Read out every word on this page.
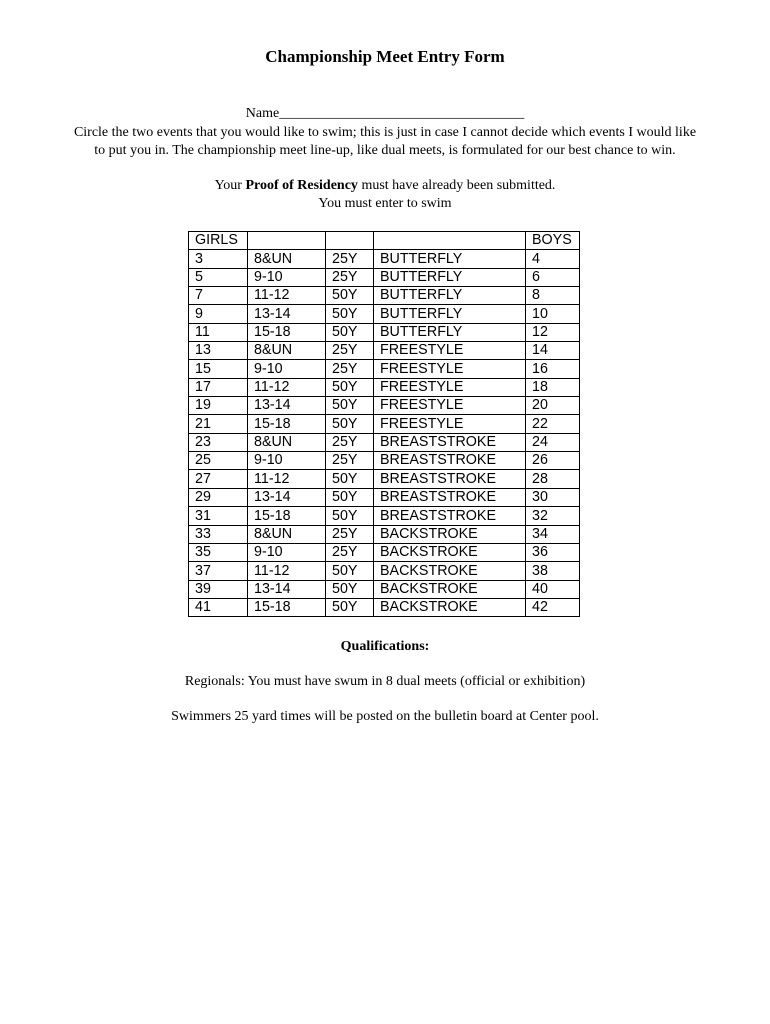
Championship Meet Entry Form
Name___________________________________
Circle the two events that you would like to swim; this is just in case I cannot decide which events I would like
to put you in. The championship meet line-up, like dual meets, is formulated for our best chance to win.
Your Proof of Residency must have already been submitted.
You must enter to swim
GIRLS				BOYS
3	8&UN	25Y	BUTTERFLY	4
5	9-10	25Y	BUTTERFLY	6
7	11-12	50Y	BUTTERFLY	8
9	13-14	50Y	BUTTERFLY	10
11	15-18	50Y	BUTTERFLY	12
13	8&UN	25Y	FREESTYLE	14
15	9-10	25Y	FREESTYLE	16
17	11-12	50Y	FREESTYLE	18
19	13-14	50Y	FREESTYLE	20
21	15-18	50Y	FREESTYLE	22
23	8&UN	25Y	BREASTSTROKE	24
25	9-10	25Y	BREASTSTROKE	26
27	11-12	50Y	BREASTSTROKE	28
29	13-14	50Y	BREASTSTROKE	30
31	15-18	50Y	BREASTSTROKE	32
33	8&UN	25Y	BACKSTROKE	34
35	9-10	25Y	BACKSTROKE	36
37	11-12	50Y	BACKSTROKE	38
39	13-14	50Y	BACKSTROKE	40
41	15-18	50Y	BACKSTROKE	42
Qualifications:
Regionals: You must have swum in 8 dual meets (official or exhibition)
Swimmers 25 yard times will be posted on the bulletin board at Center pool.
